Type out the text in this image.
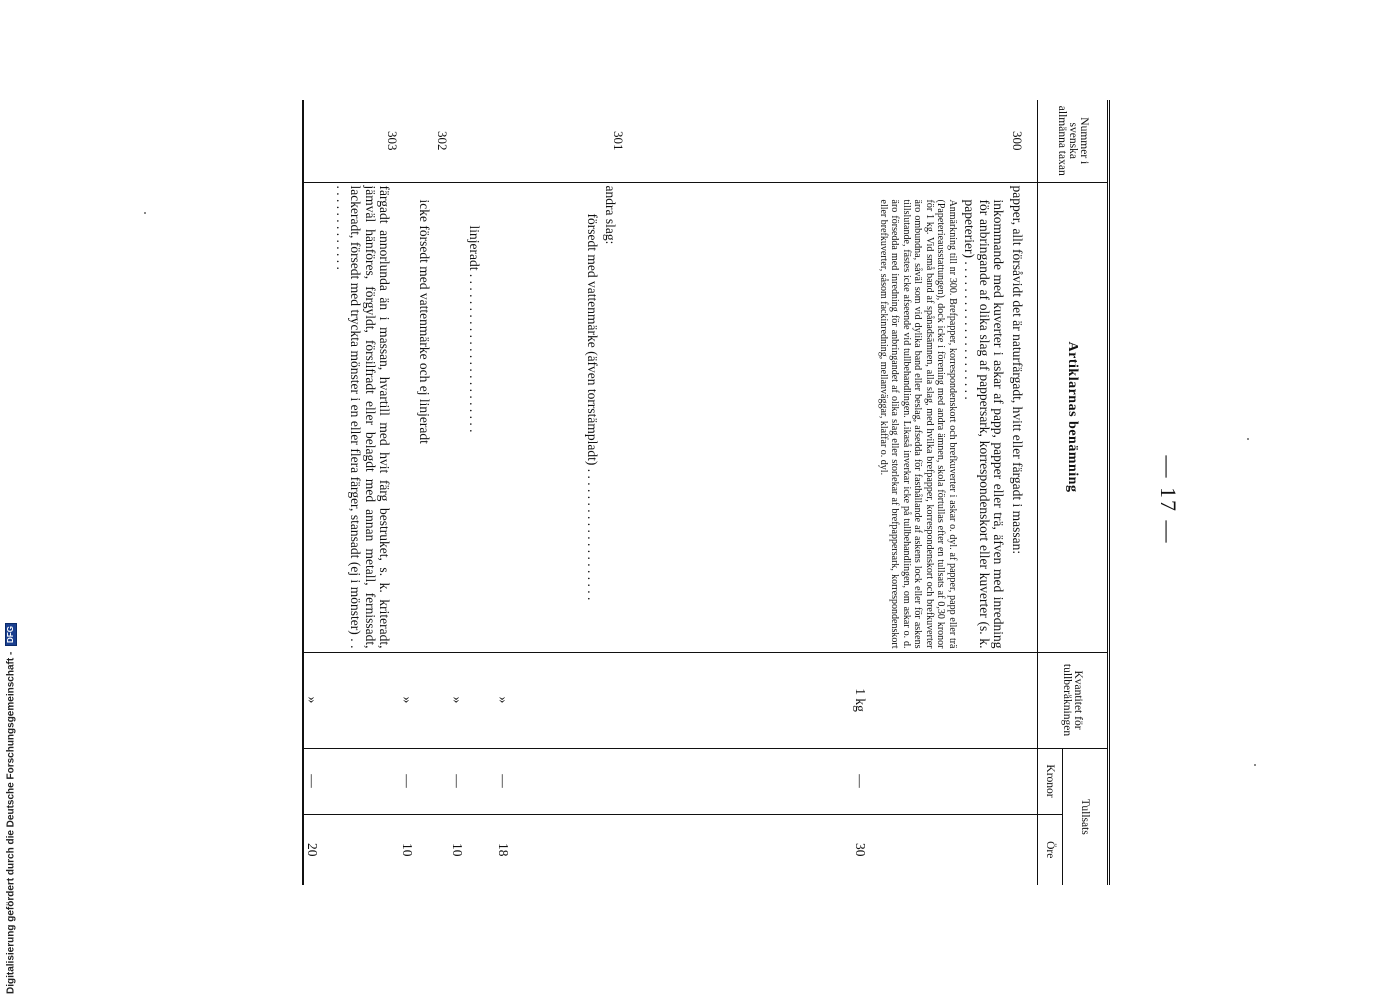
— 17 —
Nummer i svenska allmänna taxan	Artiklarnas benämning	Kvantitet för tullberäkningen	Tullsats	
			Kronor	Öre
300	papper, allt försåvidt det är naturfärgadt, hvitt eller färgadt i massan:
inkommande med kuverter i askar af papp, papper eller trä, äfven med inredning för anbringande af olika slag af pappersark, korrespondenskort eller kuverter (s. k. papeterier) . . . . . . . . . . . . . . . . . . . . .
Anmärkning till nr 300. Brefpapper, korrespondenskort och brefkuverter i askar o. dyl. af papper, papp eller trä (Papeterieausstattungen), dock icke i förening med andra ämnen, skola förtullas efter en tullsats af 0,30 kronor för 1 kg. Vid små band af spånadsämnen, alla slag, med hvilka brefpapper, korrespondenskort och brefkuverter äro ombundna, såväl som vid dylika band eller beslag, afsedda för fasthållande af askens lock eller för askens tillslutande, fästes icke afseende vid tullbehandlingen. Likaså inverkar icke på tullbehandlingen, om askar o. d. äro försedda med inredning för anbringandet af olika slag eller storlekar af brefpappersark, korrespondenskort eller brefkuverter, såsom fackinredning, mellanväggar, klaffar o. dyl.	1 kg	—	30
301	andra slag:
försedt med vattenmärke (äfven torrstämpladt) . . . . . . . . . . . . . . . . . . . .	»	—	18

	linjeradt . . . . . . . . . . . . . . . . . . . . . . . .	»	—	10
302	icke försedt med vattenmärke och ej linjeradt	»	—	10
303	färgadt annorlunda än i massan, hvartill med hvit färg bestruket, s. k. kriteradt, jämväl hänföres, förgyldt, försilfradt eller belagdt med annan metall, fernissadt, lackeradt, försedt med tryckta mönster i en eller flera färger, stansadt (ej i mönster) . . . . . . . . . . . . . . .	»	—	20
Digitalisierung gefördert durch die Deutsche Forschungsgemeinschaft - DFG
